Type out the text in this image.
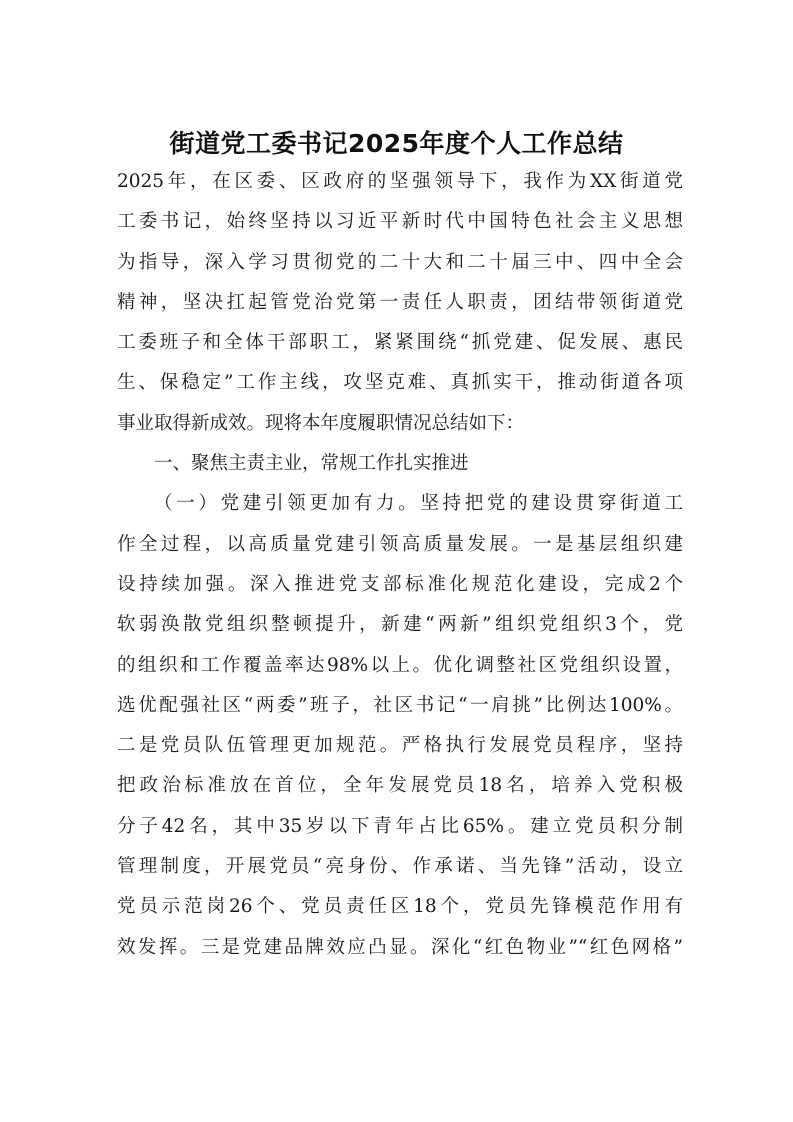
街道党工委书记2025年度个人工作总结
2025年，在区委、区政府的坚强领导下，我作为XX街道党
工委书记，始终坚持以习近平新时代中国特色社会主义思想
为指导，深入学习贯彻党的二十大和二十届三中、四中全会
精神，坚决扛起管党治党第一责任人职责，团结带领街道党
工委班子和全体干部职工，紧紧围绕“抓党建、促发展、惠民
生、保稳定”工作主线，攻坚克难、真抓实干，推动街道各项
事业取得新成效。现将本年度履职情况总结如下：
一、聚焦主责主业，常规工作扎实推进
（一）党建引领更加有力。坚持把党的建设贯穿街道工
作全过程，以高质量党建引领高质量发展。一是基层组织建
设持续加强。深入推进党支部标准化规范化建设，完成2个
软弱涣散党组织整顿提升，新建“两新”组织党组织3个，党
的组织和工作覆盖率达98%以上。优化调整社区党组织设置，
选优配强社区“两委”班子，社区书记“一肩挑”比例达100%。
二是党员队伍管理更加规范。严格执行发展党员程序，坚持
把政治标准放在首位，全年发展党员18名，培养入党积极
分子42名，其中35岁以下青年占比65%。建立党员积分制
管理制度，开展党员“亮身份、作承诺、当先锋”活动，设立
党员示范岗26个、党员责任区18个，党员先锋模范作用有
效发挥。三是党建品牌效应凸显。深化“红色物业”“红色网格”
